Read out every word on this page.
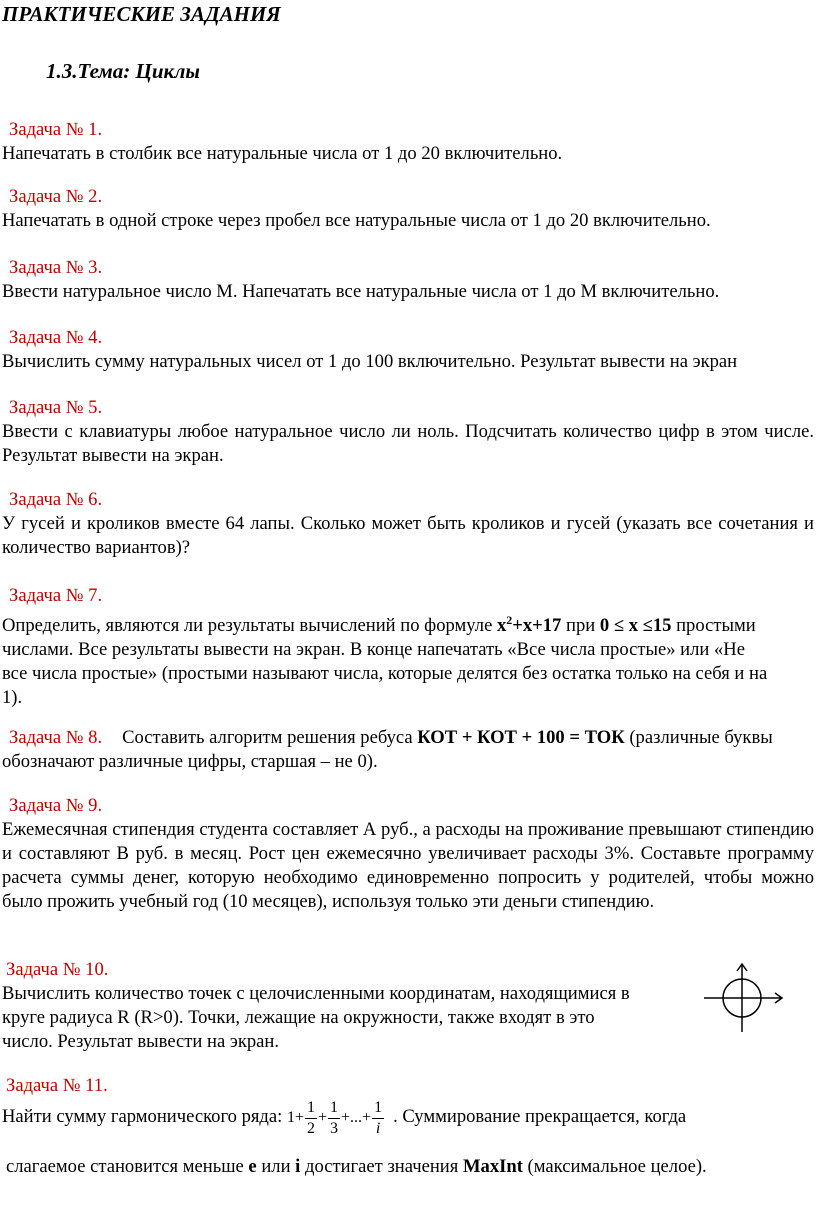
ПРАКТИЧЕСКИЕ ЗАДАНИЯ
1.3.Тема: Циклы
Задача № 1.

Напечатать в столбик все натуральные числа от 1 до 20 включительно.

Задача № 2.

Напечатать в одной строке через пробел все натуральные числа от 1 до 20 включительно.

Задача № 3.

Ввести натуральное число М. Напечатать все натуральные числа от 1 до М включительно.

Задача № 4.

Вычислить сумму натуральных чисел от 1 до 100 включительно. Результат вывести на экран

Задача № 5.

Ввести с клавиатуры любое натуральное число ли ноль. Подсчитать количество цифр в этом числе. Результат вывести на экран.

Задача № 6.

У гусей и кроликов вместе 64 лапы. Сколько может быть кроликов и гусей (указать все сочетания и количество вариантов)?

Задача № 7.

Определить, являются ли результаты вычислений по формуле $x^2+x+17$ при 0 ≤ x ≤15 простыми числами. Все результаты вывести на экран. В конце напечатать «Все числа простые» или «Не все числа простые» (простыми называют числа, которые делятся без остатка только на себя и на 1).

Задача № 8. Составить алгоритм решения ребуса КОТ + КОТ + 100 = ТОК (различные буквы обозначают различные цифры, старшая – не 0).

Задача № 9.

Ежемесячная стипендия студента составляет А руб., а расходы на проживание превышают стипендию и составляют В руб. в месяц. Рост цен ежемесячно увеличивает расходы 3%. Составьте программу расчета суммы денег, которую необходимо единовременно попросить у родителей, чтобы можно было прожить учебный год (10 месяцев), используя только эти деньги стипендию.

Задача № 10.
Вычислить количество точек с целочисленными координатам, находящимися в
круге радиуса R (R>0). Точки, лежащие на окружности, также входят в это
число. Результат вывести на экран.
Задача № 11.
Найти сумму гармонического ряда: $1+ \frac{1}{2} + \frac{1}{3}$ +...+ $\frac{1}{i}$ . Суммирование прекращается, когда
слагаемое становится меньше e или i достигает значения MaxInt (максимальное целое).
